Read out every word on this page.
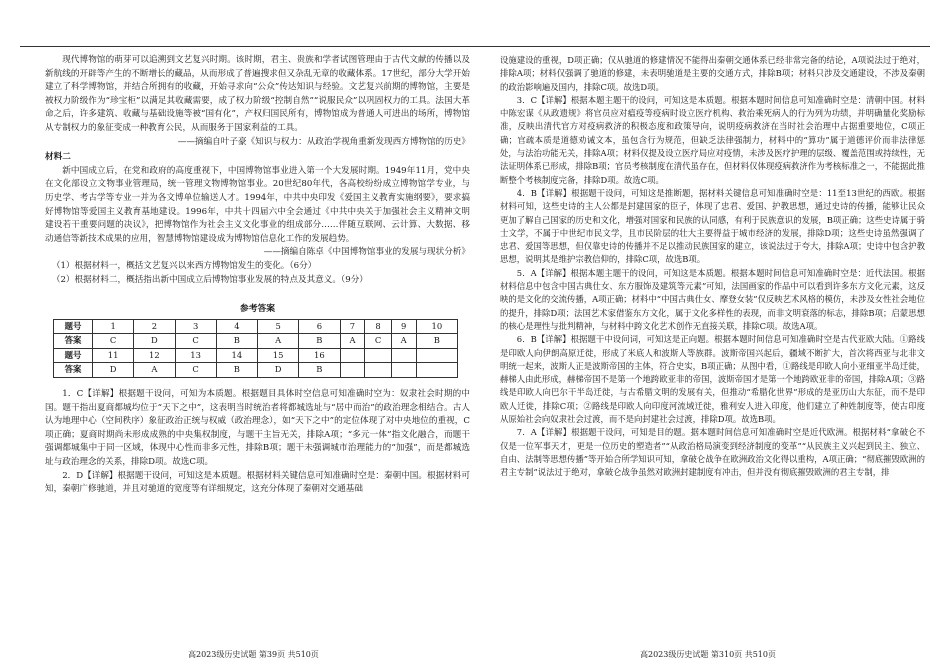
现代博物馆的萌芽可以追溯到文艺复兴时期。该时期，君主、贵族和学者试图管理由于古代文献的传播以及新航线的开辟等产生的不断增长的藏品，从而形成了普遍搜求但又杂乱无章的收藏体系。17世纪，部分大学开始建立了科学博物馆，并结合所拥有的收藏，开始寻求向“公众”传达知识与经验。文艺复兴前期的博物馆，主要是被权力阶级作为“珍宝柜”以满足其收藏需要，成了权力阶级“控制自然”“说服民众”以巩固权力的工具。法国大革命之后，许多建筑、收藏与基础设施等被“国有化”，产权归国民所有，博物馆成为普通人可进出的场所，博物馆从专制权力的象征变成一种教育公民，从而服务于国家利益的工具。

——摘编自叶子豪《知识与权力：从政治学视角重新发现西方博物馆的历史》

材料二

新中国成立后，在党和政府的高度重视下，中国博物馆事业进入第一个大发展时期。1949年11月，党中央在文化部设立文物事业管理局，统一管理文物博物馆事业。20世纪80年代，各高校纷纷成立博物馆学专业，与历史学、考古学等专业一并为各文博单位输送人才。1994年，中共中央印发《爱国主义教育实施纲要》，要求搞好博物馆等爱国主义教育基地建设。1996年，中共十四届六中全会通过《中共中央关于加强社会主义精神文明建设若干重要问题的决议》，把博物馆作为社会主义文化事业的组成部分……伴随互联网、云计算、大数据、移动通信等新技术成果的应用，智慧博物馆建设成为博物馆信息化工作的发展趋势。

——摘编自陈卓《中国博物馆事业的发展与现状分析》

（1）根据材料一，概括文艺复兴以来西方博物馆发生的变化。（6分）

（2）根据材料二，概括指出新中国成立后博物馆事业发展的特点及其意义。（9分）

参考答案

题号	1	2	3	4	5	6	7	8	9	10
答案	C	D	C	B	A	B	A	C	A	B
题号	11	12	13	14	15	16				
答案	D	A	C	B	D	B				

1．C【详解】根据题干设问，可知为本质题。根据题目具体时空信息可知准确时空为：奴隶社会时期的中国。题干指出夏商都城均位于“天下之中”，这表明当时统治者将都城选址与“居中而治”的政治理念相结合。古人认为地理中心（空间秩序）象征政治正统与权威（政治理念），如“天下之中”的定位体现了对中央地位的重视，C项正确；夏商时期尚未形成成熟的中央集权制度，与题干主旨无关，排除A项；“多元一体”指文化融合，而题干强调都城集中于同一区域，体现中心性而非多元性，排除B项；题干未强调城市治理能力的“加强”，而是都城选址与政治理念的关系，排除D项。故选C项。

2．D【详解】根据题干设问，可知这是本质题。根据材料关键信息可知准确时空是：秦朝中国。根据材料可知，秦朝广修驰道，并且对驰道的宽度等有详细规定，这充分体现了秦朝对交通基础

设施建设的重视，D项正确；仅从驰道的修建情况不能得出秦朝交通体系已经非常完备的结论，A项说法过于绝对，排除A项；材料仅强调了驰道的修建，未表明驰道是主要的交通方式，排除B项；材料只涉及交通建设，不涉及秦朝的政治影响遍及国内，排除C项。故选D项。

3．C【详解】根据本题主题干的设问，可知这是本质题。根据本题时间信息可知准确时空是：清朝中国。材料中陈宏谋《从政遗规》将官员应对瘟疫等疫病时设立医疗机构、救治乘死病人的行为列为功绩，并明确量化奖励标准，反映出清代官方对疫病救济的积极态度和政策导向，说明疫病救济在当时社会治理中占据重要地位，C项正确；官疏本质是道德劝诫文本，虽包含行为规范，但缺乏法律强制力，材料中的“算功”属于道德评价而非法律惩处，与法治功能无关，排除A项；材料仅提及设立医疗局应对疫情，未涉及医疗护理的层级、覆盖范围或持续性，无法证明体系已形成，排除B项；官员考核制度在清代虽存在，但材料仅体现疫病救济作为考核标准之一，不能据此推断整个考核制度完备，排除D项。故选C项。

4．B【详解】根据题干设问，可知这是推断题，据材料关键信息可知准确时空是：11至13世纪的西欧。根据材料可知，这些史诗的主人公都是封建国家的臣子，体现了忠君、爱国、护教思想，通过史诗的传播，能够让民众更加了解自己国家的历史和文化，增强对国家和民族的认同感，有利于民族意识的发展，B项正确；这些史诗属于骑士文学，不属于中世纪市民文学，且市民阶层的壮大主要得益于城市经济的发展，排除D项；这些史诗虽然强调了忠君、爱国等思想，但仅靠史诗的传播并不足以推动民族国家的建立，该说法过于夸大，排除A项；史诗中包含护教思想，说明其是维护宗教信仰的，排除C项，故选B项。

5．A【详解】根据本题主题干的设问，可知这是本质题。根据本题时间信息可知准确时空是：近代法国。根据材料信息中包含中国古典仕女、东方服饰及建筑等元素”可知，法国画家的作品中可以看到许多东方文化元素，这反映的是文化的交流传播，A项正确；材料中“中国古典仕女、摩登女装”仅反映艺术风格的模仿，未涉及女性社会地位的提升，排除D项；法国艺术家借鉴东方文化，属于文化多样性的表现，而非文明衰落的标志，排除B项；启蒙思想的核心是理性与批判精神，与材料中跨文化艺术创作无直接关联，排除C项。故选A项。

6．B【详解】根据题干中设问词，可知这是正向题。根据本题时间信息可知准确时空是古代亚欧大陆。①路线是印欧人向伊朗高原迁徙，形成了米底人和波斯人等族群。波斯帝国兴起后，疆域不断扩大，首次将西亚与北非文明统一起来，波斯人正是波斯帝国的主体，符合史实，B项正确；从图中看，①路线是印欧人向小亚细亚半岛迁徙，赫梯人由此形成，赫梯帝国不是第一个地跨欧亚非的帝国，波斯帝国才是第一个地跨欧亚非的帝国，排除A项；③路线是印欧人向巴尔干半岛迁徙，与古希腊文明的发展有关，但推动“希腊化世界”形成的是亚历山大东征，而不是印欧人迁徙，排除C项；②路线是印欧人向印度河流域迁徙，雅利安人进入印度，他们建立了种姓制度等，使古印度从原始社会向奴隶社会过渡，而不是向封建社会过渡，排除D项。故选B项。

7．A【详解】根据题干设问，可知是目的题。据本题时间信息可知准确时空是近代欧洲。根据材料“拿破仑不仅是一位军事天才，更是一位历史的塑造者”“从政治格局演变到经济制度的变革”“从民族主义兴起到民主、独立、自由、法制等思想传播”等开始合所学知识可知，拿破仑战争在欧洲政治文化得以重构，A项正确；“彻底摧毁欧洲的君主专制”说法过于绝对，拿破仑战争虽然对欧洲封建制度有冲击，但并没有彻底摧毁欧洲的君主专制，排

高2023级历史试题 第39页 共510页	高2023级历史试题 第310页 共510页
